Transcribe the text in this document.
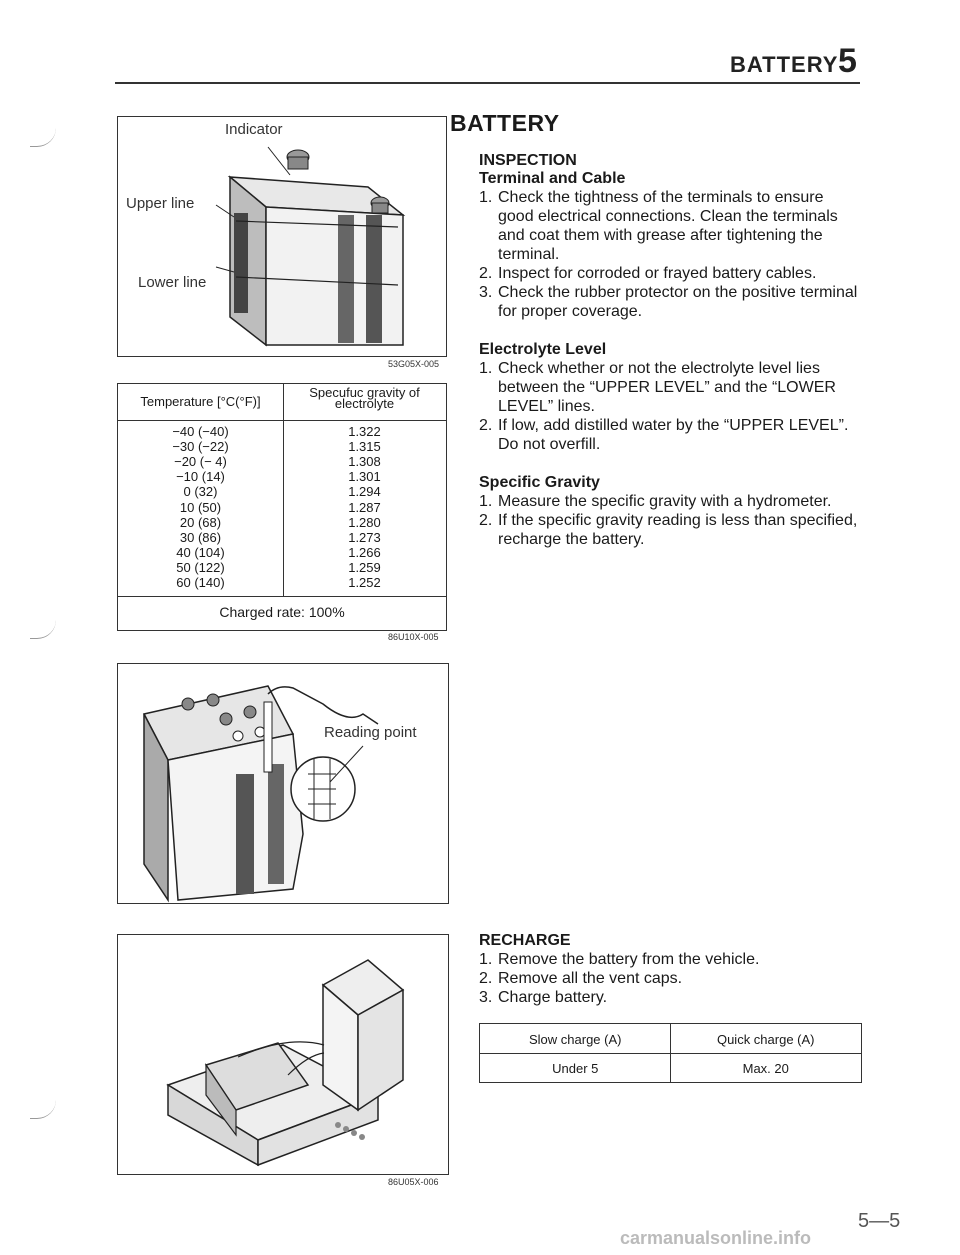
BATTERY 5
Indicator
Upper line
Lower line
53G05X-005
Temperature [°C(°F)]
Specufuc gravity of electrolyte
−40 (−40)	1.322
−30 (−22)	1.315
−20 (− 4)	1.308
−10 (14)	1.301
0 (32)	1.294
10 (50)	1.287
20 (68)	1.280
30 (86)	1.273
40 (104)	1.266
50 (122)	1.259
60 (140)	1.252
Charged rate: 100%
86U10X-005
Reading point
86U05X-006
BATTERY
INSPECTION
Terminal and Cable
1. Check the tightness of the terminals to ensure good electrical connections. Clean the terminals and coat them with grease after tightening the terminal.
2. Inspect for corroded or frayed battery cables.
3. Check the rubber protector on the positive terminal for proper coverage.
Electrolyte Level
1. Check whether or not the electrolyte level lies between the “UPPER LEVEL” and the “LOWER LEVEL” lines.
2. If low, add distilled water by the “UPPER LEVEL”. Do not overfill.
Specific Gravity
1. Measure the specific gravity with a hydrometer.
2. If the specific gravity reading is less than specified, recharge the battery.
RECHARGE
1. Remove the battery from the vehicle.
2. Remove all the vent caps.
3. Charge battery.
Slow charge (A)	Quick charge (A)
Under 5	Max. 20
5—5
carmanualsonline.info
